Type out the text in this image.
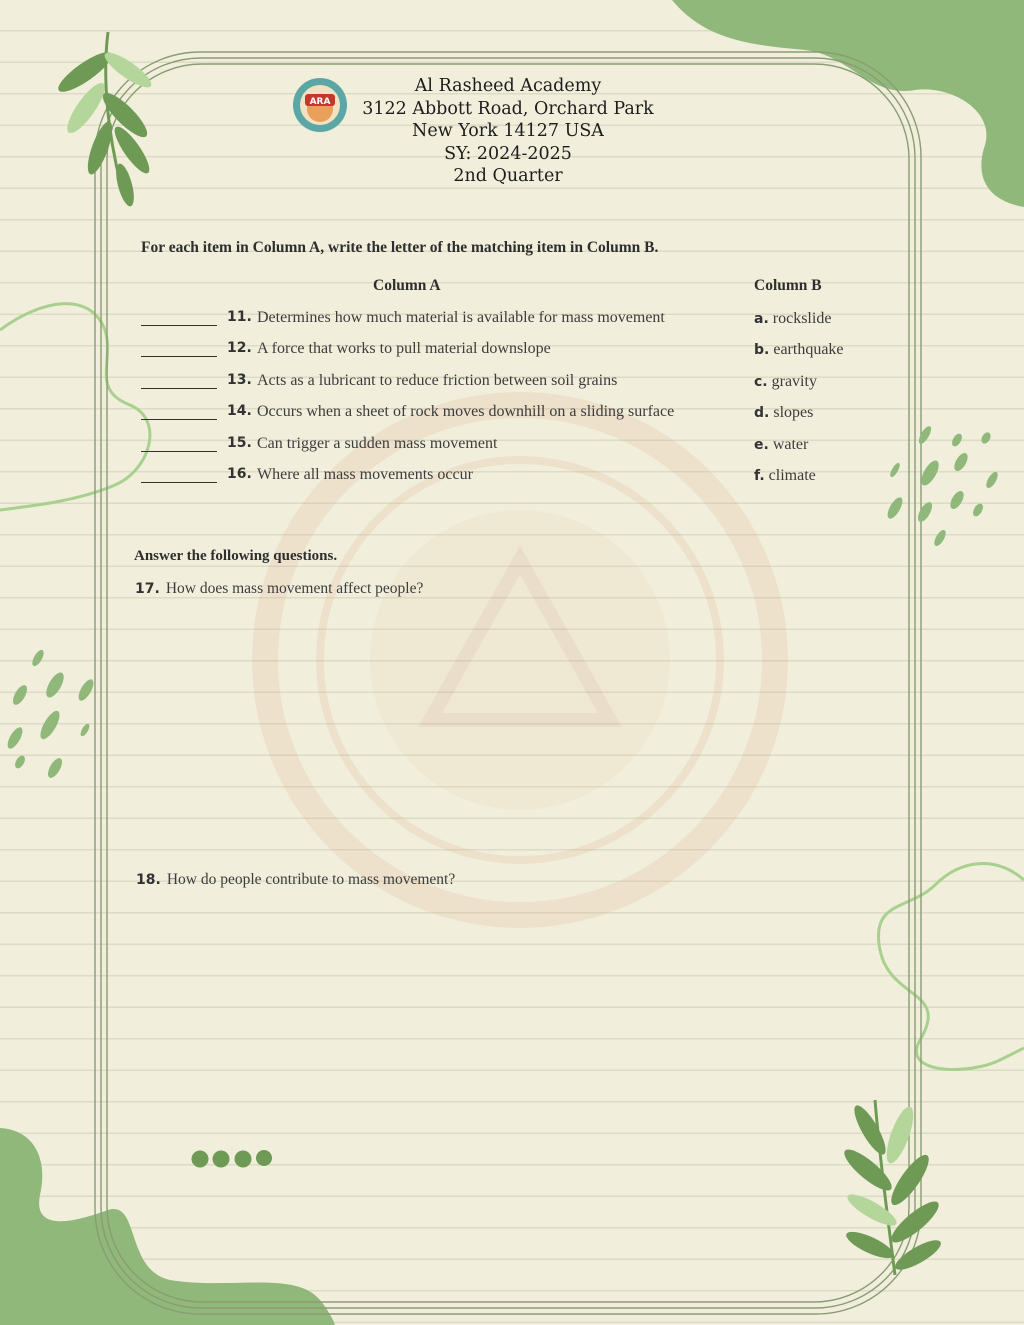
ARA
Al Rasheed Academy
3122 Abbott Road, Orchard Park
New York 14127 USA
SY: 2024-2025
2nd Quarter
For each item in Column A, write the letter of the matching item in Column B.
Column A	Column B
11. Determines how much material is available for mass movement
12. A force that works to pull material downslope
13. Acts as a lubricant to reduce friction between soil grains
14. Occurs when a sheet of rock moves downhill on a sliding surface
15. Can trigger a sudden mass movement
16. Where all mass movements occur
a. rockslide
b. earthquake
c. gravity
d. slopes
e. water
f. climate
Answer the following questions.
17. How does mass movement affect people?
18. How do people contribute to mass movement?
